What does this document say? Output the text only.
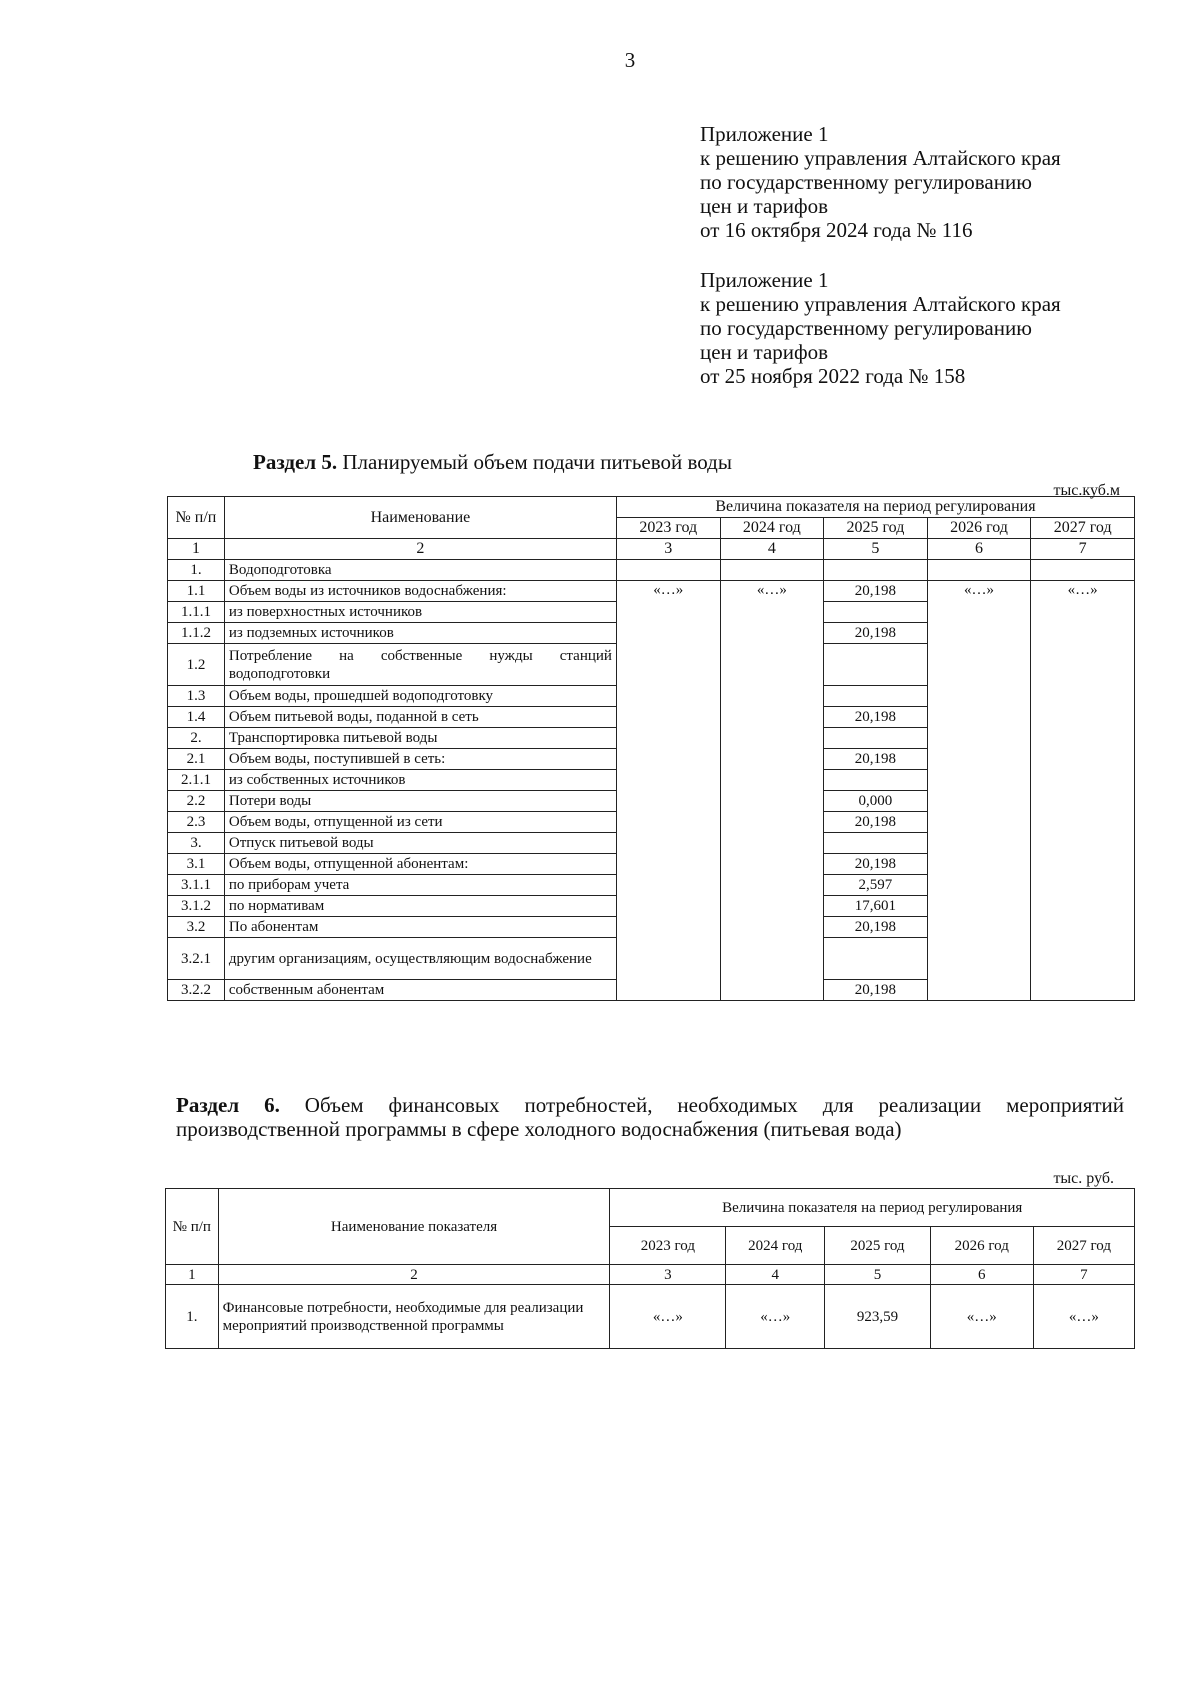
3
Приложение 1
к решению управления Алтайского края
по государственному регулированию
цен и тарифов
от 16 октября 2024 года № 116
Приложение 1
к решению управления Алтайского края
по государственному регулированию
цен и тарифов
от 25 ноября 2022 года № 158
Раздел 5. Планируемый объем подачи питьевой воды
тыс.куб.м
№ п/п	Наименование	Величина показателя на период регулирования				
		2023 год	2024 год	2025 год	2026 год	2027 год
1	2	3	4	5	6	7
1.	Водоподготовка					
1.1	Объем воды из источников водоснабжения:	«…»	«…»	20,198	«…»	«…»
1.1.1	из поверхностных источников					
1.1.2	из подземных источников			20,198		
1.2	Потребление на собственные нужды станций водоподготовки					
1.3	Объем воды, прошедшей водоподготовку					
1.4	Объем питьевой воды, поданной в сеть			20,198		
2.	Транспортировка питьевой воды					
2.1	Объем воды, поступившей в сеть:			20,198		
2.1.1	из собственных источников					
2.2	Потери воды			0,000		
2.3	Объем воды, отпущенной из сети			20,198		
3.	Отпуск питьевой воды					
3.1	Объем воды, отпущенной абонентам:			20,198		
3.1.1	по приборам учета			2,597		
3.1.2	по нормативам			17,601		
3.2	По абонентам			20,198		
3.2.1	другим организациям, осуществляющим водоснабжение					
3.2.2	собственным абонентам			20,198		
Раздел 6. Объем финансовых потребностей, необходимых для реализации мероприятий производственной программы в сфере холодного водоснабжения (питьевая вода)
тыс. руб.
№ п/п	Наименование показателя	Величина показателя на период регулирования				
		2023 год	2024 год	2025 год	2026 год	2027 год
1	2	3	4	5	6	7
1.	Финансовые потребности, необходимые для реализации мероприятий производственной программы	«…»	«…»	923,59	«…»	«…»
